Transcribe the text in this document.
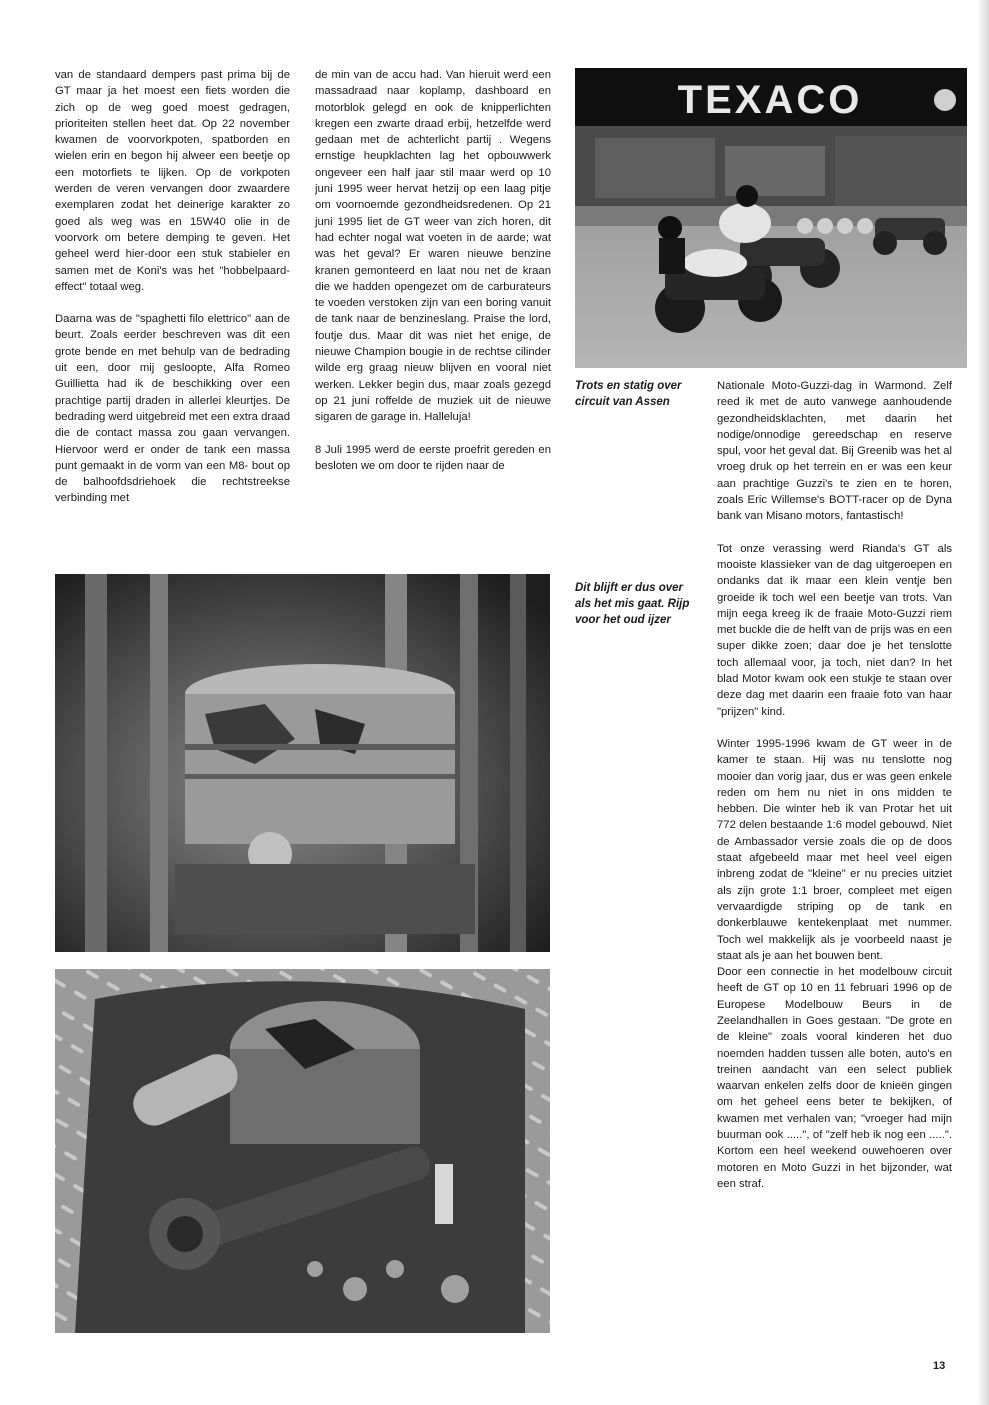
van de standaard dempers past prima bij de GT maar ja het moest een fiets worden die zich op de weg goed moest gedragen, prioriteiten stellen heet dat. Op 22 november kwamen de voorvorkpoten, spatborden en wielen erin en begon hij alweer een beetje op een motorfiets te lijken. Op de vorkpoten werden de veren vervangen door zwaardere exemplaren zodat het deinerige karakter zo goed als weg was en 15W40 olie in de voorvork om betere demping te geven. Het geheel werd hier-door een stuk stabieler en samen met de Koni's was het "hobbelpaard-effect" totaal weg.

Daarna was de "spaghetti filo elettrico" aan de beurt. Zoals eerder beschreven was dit een grote bende en met behulp van de bedrading uit een, door mij gesloopte, Alfa Romeo Guillietta had ik de beschikking over een prachtige partij draden in allerlei kleurtjes. De bedrading werd uitgebreid met een extra draad die de contact massa zou gaan vervangen. Hiervoor werd er onder de tank een massa punt gemaakt in de vorm van een M8- bout op de balhoofdsdriehoek die rechtstreekse verbinding met

de min van de accu had. Van hieruit werd een massadraad naar koplamp, dashboard en motorblok gelegd en ook de knipperlichten kregen een zwarte draad erbij, hetzelfde werd gedaan met de achterlicht partij . Wegens ernstige heupklachten lag het opbouwwerk ongeveer een half jaar stil maar werd op 10 juni 1995 weer hervat hetzij op een laag pitje om voornoemde gezondheidsredenen. Op 21 juni 1995 liet de GT weer van zich horen, dit had echter nogal wat voeten in de aarde; wat was het geval? Er waren nieuwe benzine kranen gemonteerd en laat nou net de kraan die we hadden opengezet om de carburateurs te voeden verstoken zijn van een boring vanuit de tank naar de benzineslang. Praise the lord, foutje dus. Maar dit was niet het enige, de nieuwe Champion bougie in de rechtse cilinder wilde erg graag nieuw blijven en vooral niet werken. Lekker begin dus, maar zoals gezegd op 21 juni roffelde de muziek uit de nieuwe sigaren de garage in. Halleluja!

8 Juli 1995 werd de eerste proefrit gereden en besloten we om door te rijden naar de

TEXACO
Trots en statig over circuit van Assen

Nationale Moto-Guzzi-dag in Warmond. Zelf reed ik met de auto vanwege aanhoudende gezondheidsklachten, met daarin het nodige/onnodige gereedschap en reserve spul, voor het geval dat. Bij Greenib was het al vroeg druk op het terrein en er was een keur aan prachtige Guzzi's te zien en te horen, zoals Eric Willemse's BOTT-racer op de Dyna bank van Misano motors, fantastisch!

Tot onze verassing werd Rianda's GT als mooiste klassieker van de dag uitgeroepen en ondanks dat ik maar een klein ventje ben groeide ik toch wel een beetje van trots. Van mijn eega kreeg ik de fraaie Moto-Guzzi riem met buckle die de helft van de prijs was en een super dikke zoen; daar doe je het tenslotte toch allemaal voor, ja toch, niet dan? In het blad Motor kwam ook een stukje te staan over deze dag met daarin een fraaie foto van haar "prijzen" kind.

Winter 1995-1996 kwam de GT weer in de kamer te staan. Hij was nu tenslotte nog mooier dan vorig jaar, dus er was geen enkele reden om hem nu niet in ons midden te hebben. Die winter heb ik van Protar het uit 772 delen bestaande 1:6 model gebouwd. Niet de Ambassador versie zoals die op de doos staat afgebeeld maar met heel veel eigen inbreng zodat de "kleine" er nu precies uitziet als zijn grote 1:1 broer, compleet met eigen vervaardigde striping op de tank en donkerblauwe kentekenplaat met nummer. Toch wel makkelijk als je voorbeeld naast je staat als je aan het bouwen bent.

Door een connectie in het modelbouw circuit heeft de GT op 10 en 11 februari 1996 op de Europese Modelbouw Beurs in de Zeelandhallen in Goes gestaan. "De grote en de kleine" zoals vooral kinderen het duo noemden hadden tussen alle boten, auto's en treinen aandacht van een select publiek waarvan enkelen zelfs door de knieën gingen om het geheel eens beter te bekijken, of kwamen met verhalen van; "vroeger had mijn buurman ook .....", of "zelf heb ik nog een .....". Kortom een heel weekend ouwehoeren over motoren en Moto Guzzi in het bijzonder, wat een straf.

Dit blijft er dus over als het mis gaat. Rijp voor het oud ijzer
13
